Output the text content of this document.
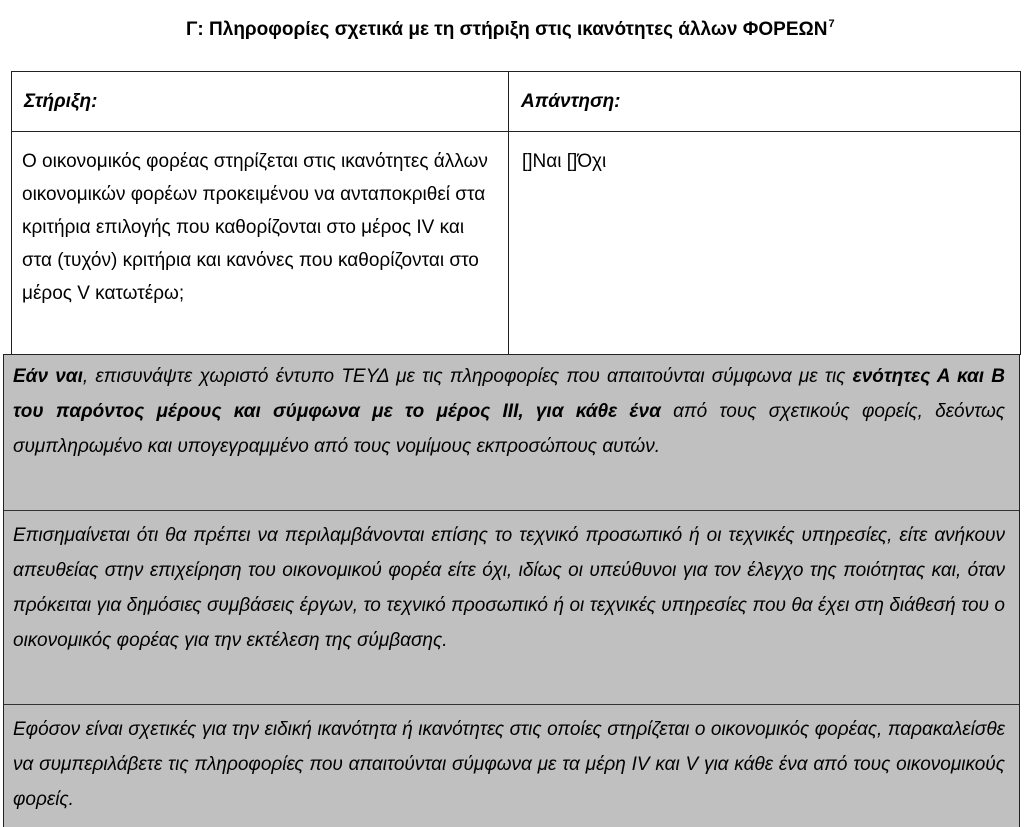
Γ: Πληροφορίες σχετικά με τη στήριξη στις ικανότητες άλλων ΦΟΡΕΩΝ$^7$
Στήριξη:	Απάντηση:
Ο οικονομικός φορέας στηρίζεται στις ικανότητες άλλων οικονομικών φορέων προκειμένου να ανταποκριθεί στα κριτήρια επιλογής που καθορίζονται στο μέρος IV και στα (τυχόν) κριτήρια και κανόνες που καθορίζονται στο μέρος V κατωτέρω;	[]Ναι []Όχι
Εάν ναι, επισυνάψτε χωριστό έντυπο ΤΕΥΔ με τις πληροφορίες που απαιτούνται σύμφωνα με τις ενότητες Α και Β του παρόντος μέρους και σύμφωνα με το μέρος ΙΙΙ, για κάθε ένα από τους σχετικούς φορείς, δεόντως συμπληρωμένο και υπογεγραμμένο από τους νομίμους εκπροσώπους αυτών.
Επισημαίνεται ότι θα πρέπει να περιλαμβάνονται επίσης το τεχνικό προσωπικό ή οι τεχνικές υπηρεσίες, είτε ανήκουν απευθείας στην επιχείρηση του οικονομικού φορέα είτε όχι, ιδίως οι υπεύθυνοι για τον έλεγχο της ποιότητας και, όταν πρόκειται για δημόσιες συμβάσεις έργων, το τεχνικό προσωπικό ή οι τεχνικές υπηρεσίες που θα έχει στη διάθεσή του ο οικονομικός φορέας για την εκτέλεση της σύμβασης.
Εφόσον είναι σχετικές για την ειδική ικανότητα ή ικανότητες στις οποίες στηρίζεται ο οικονομικός φορέας, παρακαλείσθε να συμπεριλάβετε τις πληροφορίες που απαιτούνται σύμφωνα με τα μέρη IV και V για κάθε ένα από τους οικονομικούς φορείς.
